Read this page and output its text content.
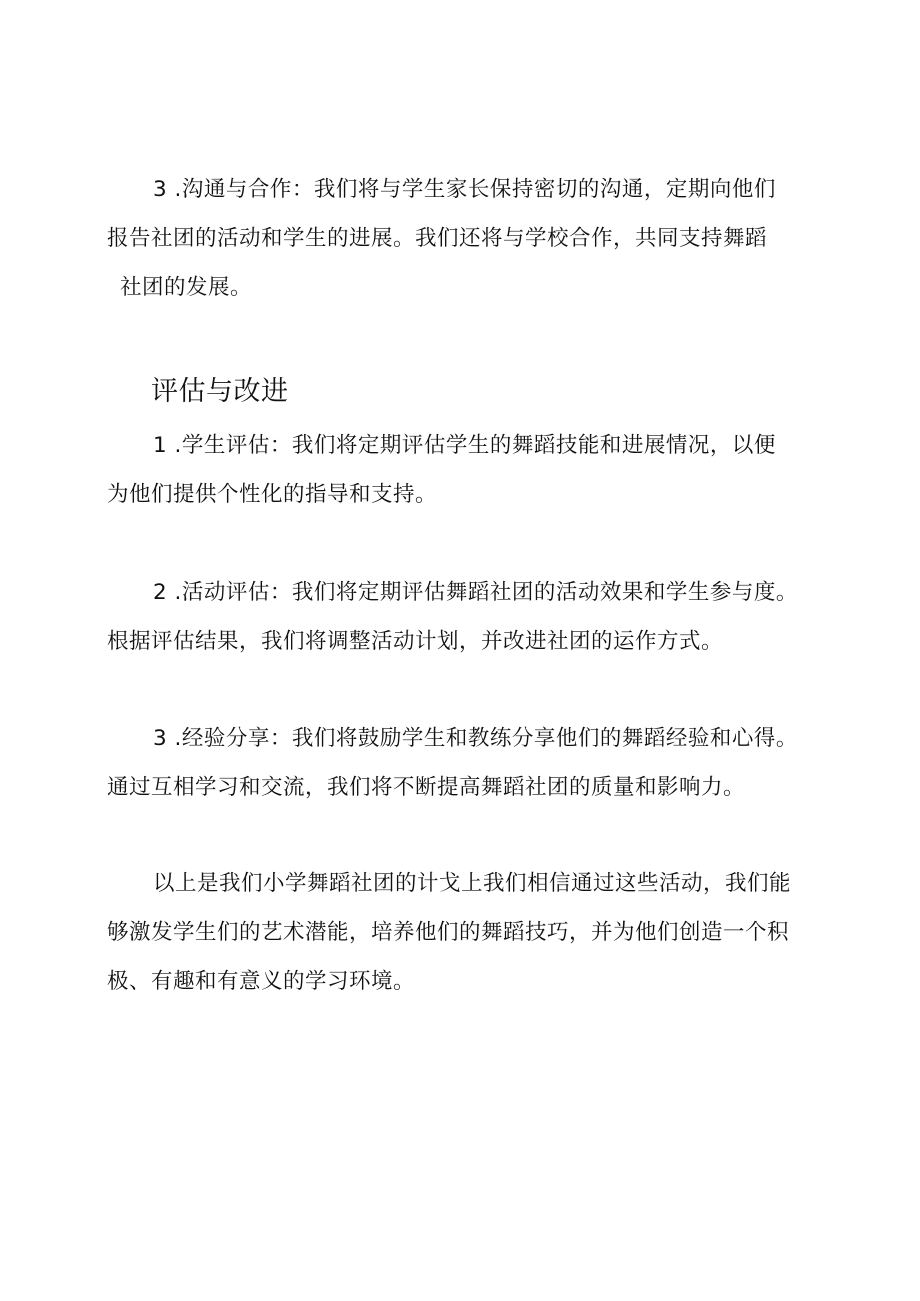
3 .沟通与合作：我们将与学生家长保持密切的沟通，定期向他们
报告社团的活动和学生的进展。我们还将与学校合作，共同支持舞蹈
社团的发展。

评估与改进

1 .学生评估：我们将定期评估学生的舞蹈技能和进展情况，以便
为他们提供个性化的指导和支持。

2 .活动评估：我们将定期评估舞蹈社团的活动效果和学生参与度。
根据评估结果，我们将调整活动计划，并改进社团的运作方式。

3 .经验分享：我们将鼓励学生和教练分享他们的舞蹈经验和心得。
通过互相学习和交流，我们将不断提高舞蹈社团的质量和影响力。

以上是我们小学舞蹈社团的计戈上我们相信通过这些活动，我们能
够激发学生们的艺术潜能，培养他们的舞蹈技巧，并为他们创造一个积
极、有趣和有意义的学习环境。
